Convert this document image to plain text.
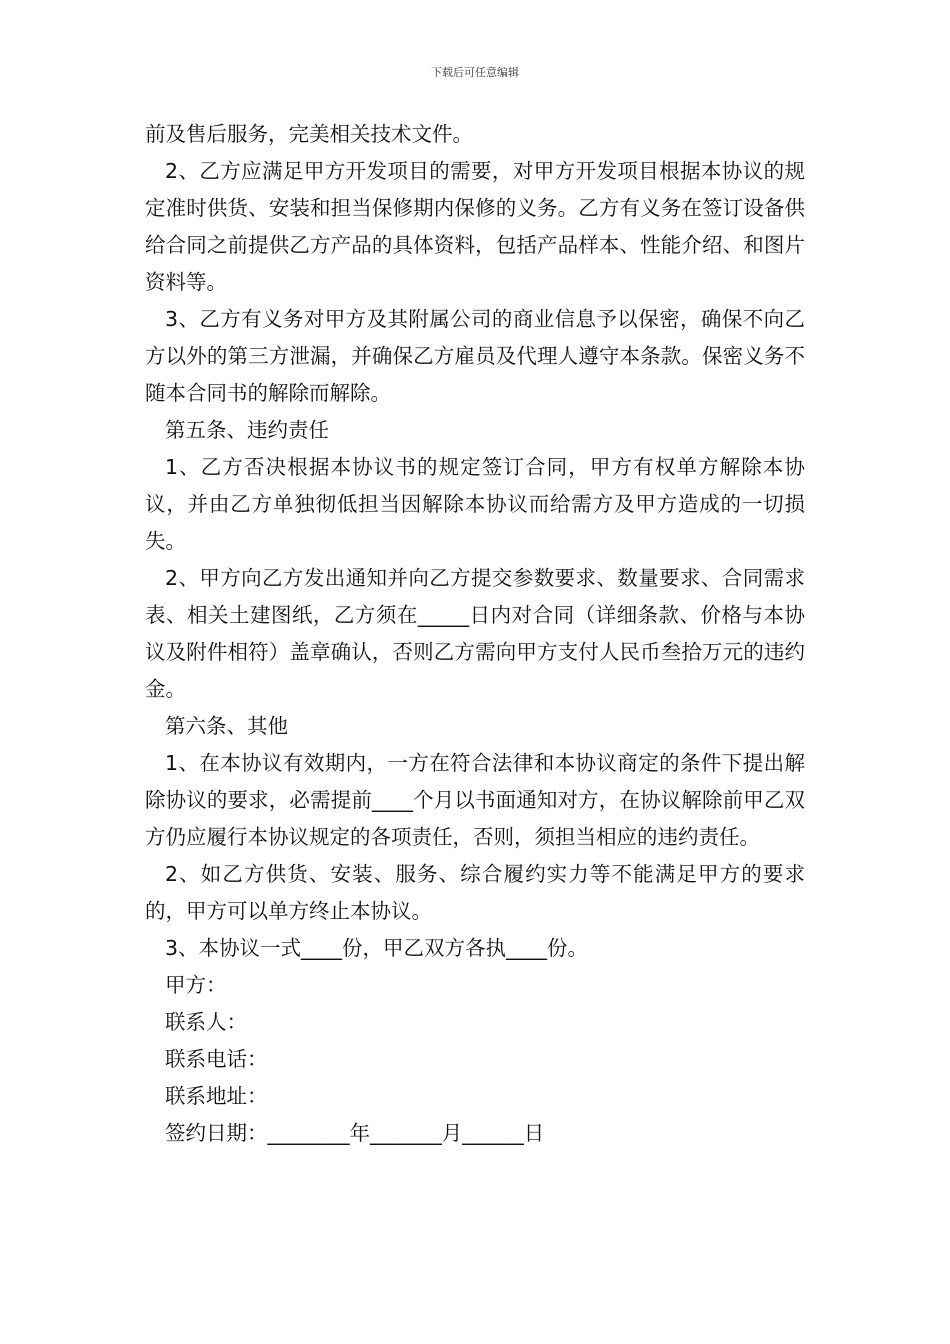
下载后可任意编辑

前及售后服务，完美相关技术文件。

2、乙方应满足甲方开发项目的需要，对甲方开发项目根据本协议的规定准时供货、安装和担当保修期内保修的义务。乙方有义务在签订设备供给合同之前提供乙方产品的具体资料，包括产品样本、性能介绍、和图片资料等。

3、乙方有义务对甲方及其附属公司的商业信息予以保密，确保不向乙方以外的第三方泄漏，并确保乙方雇员及代理人遵守本条款。保密义务不随本合同书的解除而解除。

第五条、违约责任

1、乙方否决根据本协议书的规定签订合同，甲方有权单方解除本协议，并由乙方单独彻低担当因解除本协议而给需方及甲方造成的一切损失。

2、甲方向乙方发出通知并向乙方提交参数要求、数量要求、合同需求表、相关土建图纸，乙方须在_____日内对合同（详细条款、价格与本协议及附件相符）盖章确认，否则乙方需向甲方支付人民币叁拾万元的违约金。

第六条、其他

1、在本协议有效期内，一方在符合法律和本协议商定的条件下提出解除协议的要求，必需提前____个月以书面通知对方，在协议解除前甲乙双方仍应履行本协议规定的各项责任，否则，须担当相应的违约责任。

2、如乙方供货、安装、服务、综合履约实力等不能满足甲方的要求的，甲方可以单方终止本协议。

3、本协议一式____份，甲乙双方各执____份。

甲方：

联系人：

联系电话：

联系地址：

签约日期：________年_______月______日
